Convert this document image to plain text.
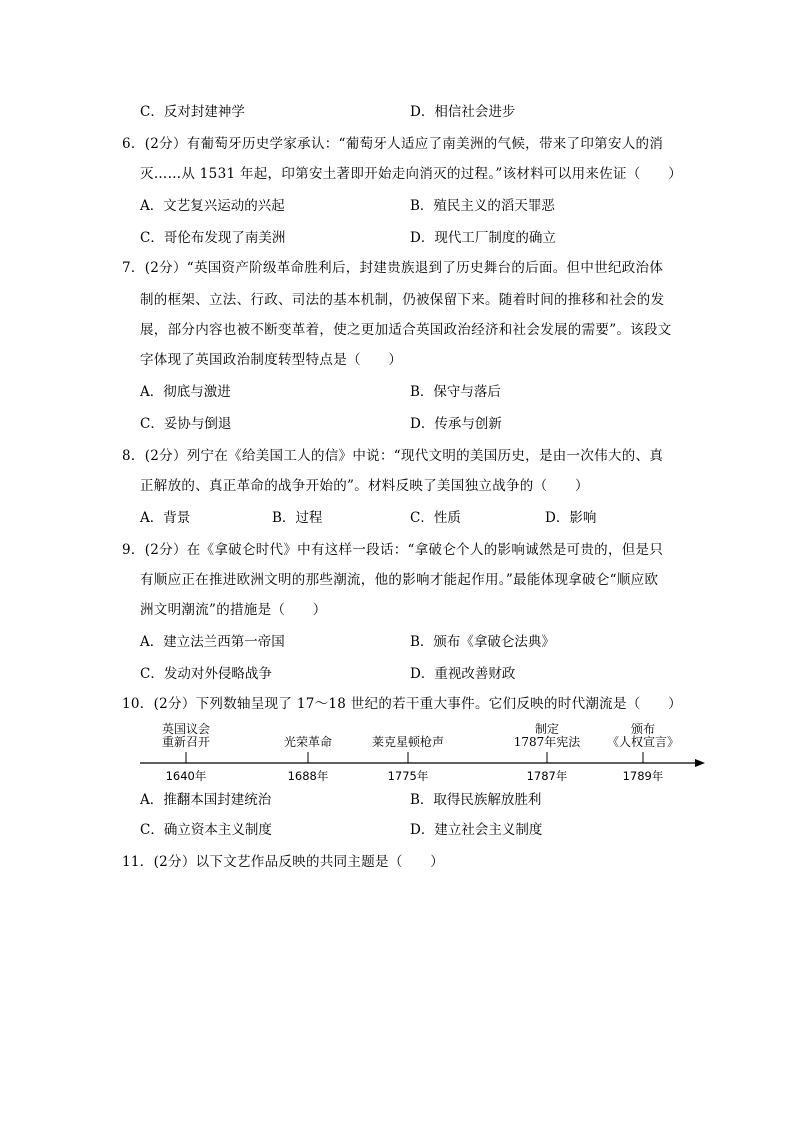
C．反对封建神学	D．相信社会进步
6．(2分）有葡萄牙历史学家承认：“葡萄牙人适应了南美洲的气候，带来了印第安人的消
灭……从 1531 年起，印第安土著即开始走向消灭的过程。”该材料可以用来佐证（　　）
A．文艺复兴运动的兴起	B．殖民主义的滔天罪恶
C．哥伦布发现了南美洲	D．现代工厂制度的确立
7．(2分）“英国资产阶级革命胜利后，封建贵族退到了历史舞台的后面。但中世纪政治体
制的框架、立法、行政、司法的基本机制，仍被保留下来。随着时间的推移和社会的发
展，部分内容也被不断变革着，使之更加适合英国政治经济和社会发展的需要”。该段文
字体现了英国政治制度转型特点是（　　）
A．彻底与激进	B．保守与落后
C．妥协与倒退	D．传承与创新
8．(2分）列宁在《给美国工人的信》中说：“现代文明的美国历史，是由一次伟大的、真
正解放的、真正革命的战争开始的”。材料反映了美国独立战争的（　　）
A．背景	B．过程	C．性质	D．影响
9．(2分）在《拿破仑时代》中有这样一段话：“拿破仑个人的影响诚然是可贵的，但是只
有顺应正在推进欧洲文明的那些潮流，他的影响才能起作用。”最能体现拿破仑“顺应欧
洲文明潮流”的措施是（　　）
A．建立法兰西第一帝国	B．颁布《拿破仑法典》
C．发动对外侵略战争	D．重视改善财政
10．(2分）下列数轴呈现了 17～18 世纪的若干重大事件。它们反映的时代潮流是（　　）
英国议会
重新召开
1640年
光荣革命
1688年
莱克星顿枪声
1775年
制定
1787年宪法
1787年
颁布
《人权宣言》
1789年
A．推翻本国封建统治	B．取得民族解放胜利
C．确立资本主义制度	D．建立社会主义制度
11．(2分）以下文艺作品反映的共同主题是（　　）
